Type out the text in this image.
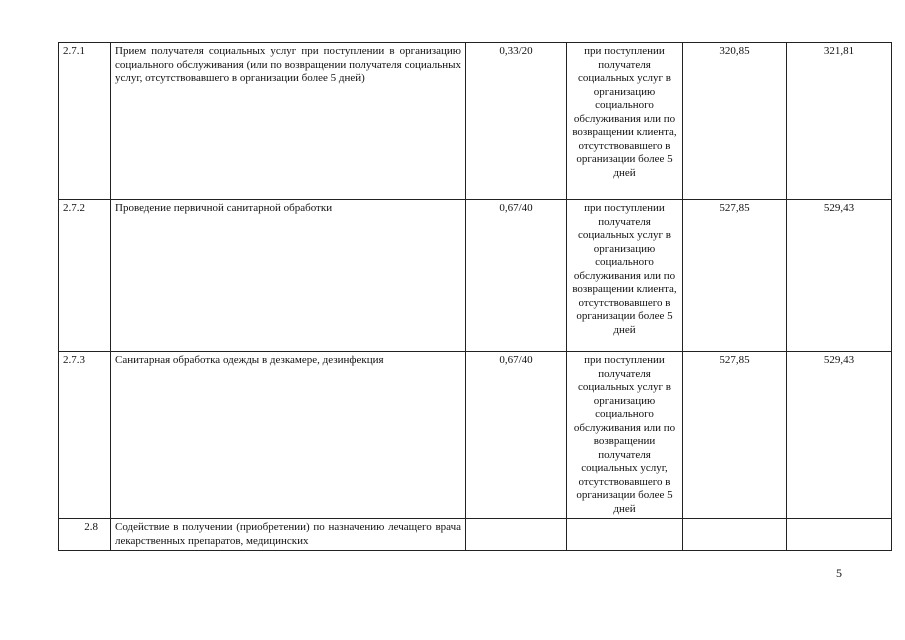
2.7.1	Прием получателя социальных услуг при поступлении в организацию социального обслуживания (или по возвращении получателя социальных услуг, отсутствовавшего в организации более 5 дней)	0,33/20	при поступлении получателя социальных услуг в организацию социального обслуживания или по возвращении клиента, отсутствовавшего в организации более 5 дней	320,85	321,81
2.7.2	Проведение первичной санитарной обработки	0,67/40	при поступлении получателя социальных услуг в организацию социального обслуживания или по возвращении клиента, отсутствовавшего в организации более 5 дней	527,85	529,43
2.7.3	Санитарная обработка одежды в дезкамере, дезинфекция	0,67/40	при поступлении получателя социальных услуг в организацию социального обслуживания или по возвращении получателя социальных услуг, отсутствовавшего в организации более 5 дней	527,85	529,43
2.8	Содействие в получении (приобретении) по назначению лечащего врача лекарственных препаратов, медицинских				
5
